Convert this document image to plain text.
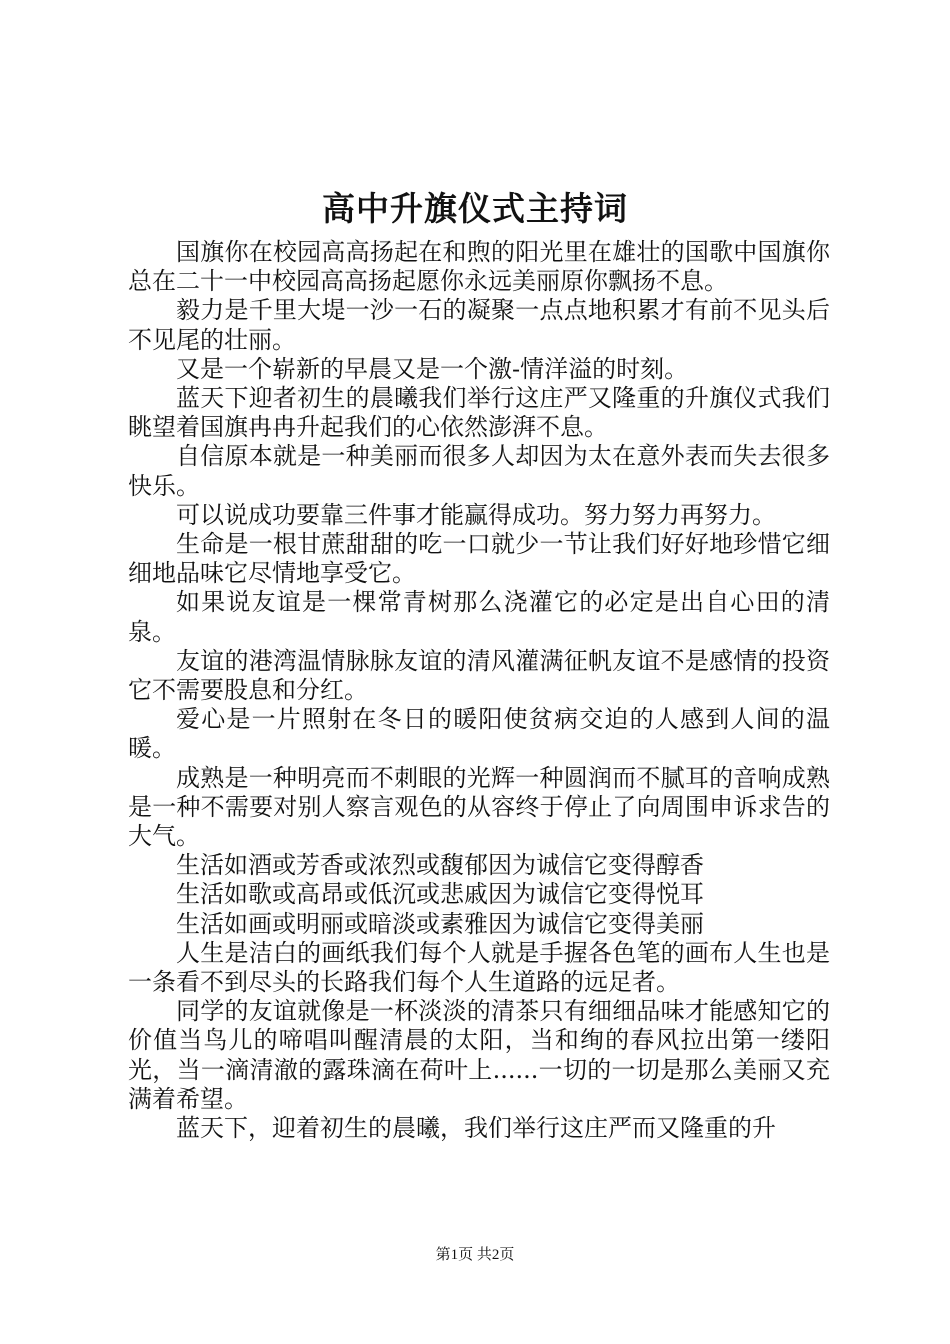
高中升旗仪式主持词

国旗你在校园高高扬起在和煦的阳光里在雄壮的国歌中国旗你总在二十一中校园高高扬起愿你永远美丽原你飘扬不息。

毅力是千里大堤一沙一石的凝聚一点点地积累才有前不见头后不见尾的壮丽。

又是一个崭新的早晨又是一个激-情洋溢的时刻。

蓝天下迎者初生的晨曦我们举行这庄严又隆重的升旗仪式我们眺望着国旗冉冉升起我们的心依然澎湃不息。

自信原本就是一种美丽而很多人却因为太在意外表而失去很多快乐。

可以说成功要靠三件事才能赢得成功。努力努力再努力。

生命是一根甘蔗甜甜的吃一口就少一节让我们好好地珍惜它细细地品味它尽情地享受它。

如果说友谊是一棵常青树那么浇灌它的必定是出自心田的清泉。

友谊的港湾温情脉脉友谊的清风灌满征帆友谊不是感情的投资它不需要股息和分红。

爱心是一片照射在冬日的暖阳使贫病交迫的人感到人间的温暖。

成熟是一种明亮而不刺眼的光辉一种圆润而不腻耳的音响成熟是一种不需要对别人察言观色的从容终于停止了向周围申诉求告的大气。

生活如酒或芳香或浓烈或馥郁因为诚信它变得醇香

生活如歌或高昂或低沉或悲戚因为诚信它变得悦耳

生活如画或明丽或暗淡或素雅因为诚信它变得美丽

人生是洁白的画纸我们每个人就是手握各色笔的画布人生也是一条看不到尽头的长路我们每个人生道路的远足者。

同学的友谊就像是一杯淡淡的清茶只有细细品味才能感知它的价值当鸟儿的啼唱叫醒清晨的太阳，当和绚的春风拉出第一缕阳光，当一滴清澈的露珠滴在荷叶上......一切的一切是那么美丽又充满着希望。

蓝天下，迎着初生的晨曦，我们举行这庄严而又隆重的升

第1页 共2页
